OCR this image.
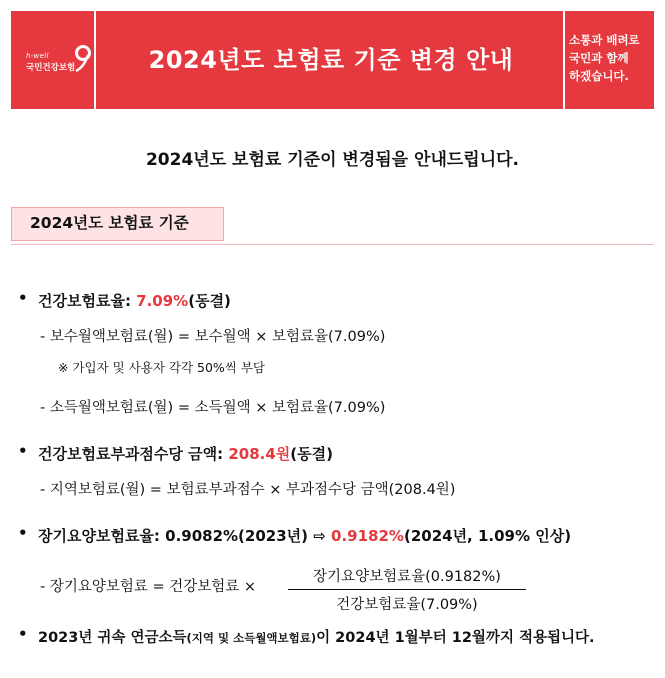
h-well
국민건강보험	2024년도 보험료 기준 변경 안내
소통과 배려로
국민과 함께
하겠습니다.
2024년도 보험료 기준이 변경됨을 안내드립니다.
2024년도 보험료 기준
• 건강보험료율: 7.09%(동결)
- 보수월액보험료(월) = 보수월액 × 보험료율(7.09%)
※ 가입자 및 사용자 각각 50%씩 부담
- 소득월액보험료(월) = 소득월액 × 보험료율(7.09%)
• 건강보험료부과점수당 금액: 208.4원(동결)
- 지역보험료(월) = 보험료부과점수 × 부과점수당 금액(208.4원)
• 장기요양보험료율: 0.9082%(2023년) ⇨ 0.9182%(2024년, 1.09% 인상)
- 장기요양보험료 = 건강보험료 ×
장기요양보험료율(0.9182%)
건강보험료율(7.09%)
• 2023년 귀속 연금소득(지역 및 소득월액보험료)이 2024년 1월부터 12월까지 적용됩니다.
